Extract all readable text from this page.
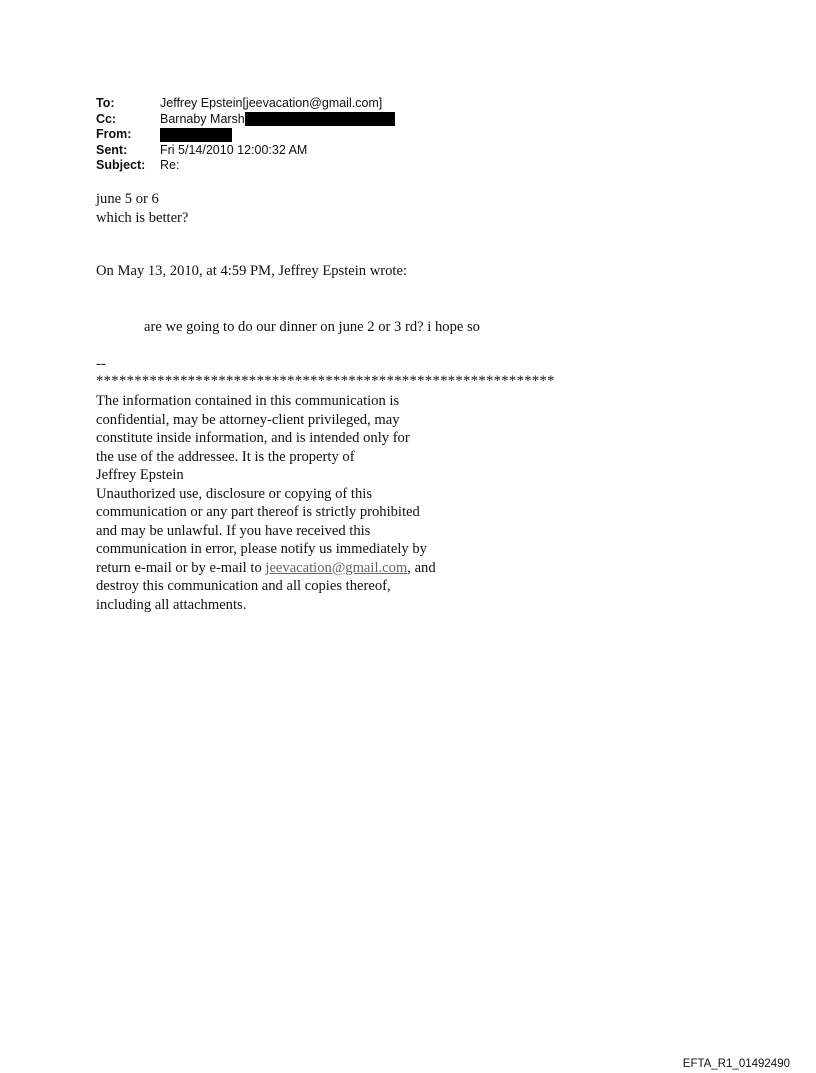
To:	Jeffrey Epstein[jeevacation@gmail.com]
Cc:	Barnaby Marsh
From:
Sent:	Fri 5/14/2010 12:00:32 AM
Subject:	Re:
june 5 or 6
which is better?
On May 13, 2010, at 4:59 PM, Jeffrey Epstein wrote:
are we going to do our dinner on june 2 or 3 rd? i hope so
--
************************************************************
The information contained in this communication is
confidential, may be attorney-client privileged, may
constitute inside information, and is intended only for
the use of the addressee. It is the property of
Jeffrey Epstein
Unauthorized use, disclosure or copying of this
communication or any part thereof is strictly prohibited
and may be unlawful. If you have received this
communication in error, please notify us immediately by
return e-mail or by e-mail to jeevacation@gmail.com, and
destroy this communication and all copies thereof,
including all attachments.
EFTA_R1_01492490
